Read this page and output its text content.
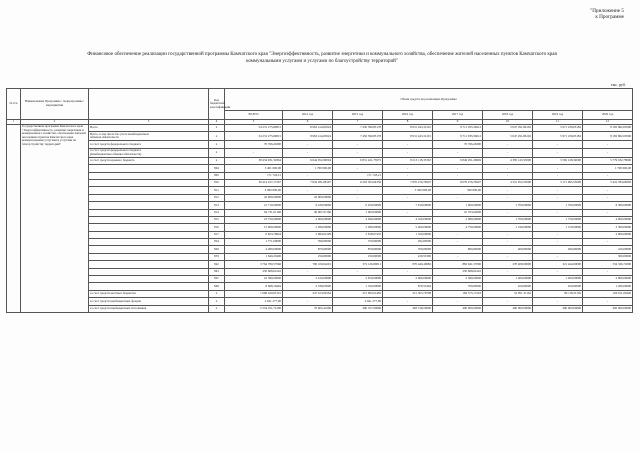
"Приложение 5
к Программе
Финансовое обеспечение реализации государственной программы Камчатского края "Энергоэффективность, развитие энергетики и коммунального хозяйства, обеспечение жителей населенных пунктов Камчатского края
коммунальными услугами и услугами по благоустройству территорий"
тыс. руб.
№ п/п	Наименование Программы / подпрограммы / мероприятия		Код бюджетной классификации	Объем средств на реализацию Программы							
				ВСЕГО	2014 год	2015 год	2016 год	2017 год	2018 год	2019 год	2020 год
1	2	3	4	5	6	7	8	9	10	11	12
	Государственная программа Камчатского края "Энергоэффективность, развитие энергетики и коммунального хозяйства, обеспечение жителей населенных пунктов Камчатского края коммунальными услугами и услугами по благоустройству территорий"	Всего	x	54 231 275,69815	8 963 414,65024	7 450 390,85178	8 931 443,31291	9 711 033,56612	5 047 291,86102	5 971 239,03182	8 182 862,00506

		Всего, в том числе без учета межбюджетных
обменов обязательств	x	54 231 275,69815	8 963 414,65024	7 450 390,85178	8 931 443,31291	9 711 033,56612	5 047 291,86102	5 971 239,03182	8 182 862,00506

		за счет средств федерального бюджета	x	70 766,46300	-	-	-	70 766,46300	-	-	-

		за счет средств федерального бюджета
(межбюджетные обмены обязательств)	x	-	-	-	-	-	-	-	-

		за счет средств краевого бюджета	x	38 434 931,52864	6 644 952,90004	6 851 421,75975	8 213 118,35363	9 846 291,26849	4 385 143,55000	3 582 128,32000	5 779 932,78000

			804	3 401 000,00	1 700 000,00	-	-	-	-	-	1 700 000,00

			805	171 743,21	-	171 743,21	-	-	-	-	-

			810	36 414 227,17267	7 834 281,68197	6 293 303,94336	7 870 276,70607	8 079 276,70607	4 331 952,53000	3 171 965,53000	5 422 784,66083

			811	4 090 000,00	-	-	3 500 000,00	590 000,00	-	-	-

			812	42 000,00000	42 000,00000	-	-	-	-	-	-

			813	21 710,00000	6 430,00000	6 450,00000	7 910,00000	1 000,00000	1 700,00000	1 700,00000	6 300,00000

			814	64 731,01160	40 967,97160	1 000,00000	-	22 763,04000	-	-	-

			815	23 750,00000	4 960,00000	4 940,00000	4 320,00000	2 080,00000	1 700,00000	1 750,00000	4 000,00000

			816	15 909,90000	2 280,00000	2 280,00000	5 400,00000	4 759,90000	1 190,00000	1 150,00000	2 300,00000

			817	6 823,79644	2 084,92109	2 818,67435	1 520,00000	-	-	-	2 000,00000

			824	1 771,00000	599,00000	379,00000	292,00000	-	-	-	-

			829	4 480,00000	870,00000	870,00000	700,00000	800,00000	400,00000	400,00000	410,00000

			833	1 649,29400	250,00000	250,00000	229,53300	-	-	-	300,00000

			842	3 764 780,57966	790 100,64291	372 126,80011	870 440,46982	882 941,57000	278 408,00000	321 444,00000	334 326,72000

			843	250 668,64142	-	-	-	250 668,64142	-	-	-

			847	16 580,00000	2 410,00000	2 670,00000	2 660,00000	2 580,00000	1 400,00000	1 400,00000	2 800,00000

			848	8 668,16494	2 338,63000	1 320,00000	879,53494	700,00000	450,00000	450,00000	1 200,00000

		за счет средств местных бюджетов	x	1 068 420,03101	247 613,89164	215 993,01465	215 503,79798	184 575,13163	52 851,31102	89 118,31102	100 911,00426

		за счет средств внебюджетных фондов	x	2 641 277,00	-	2 641 277,00	-	-	-	-	-

		за счет средств внебюджетных источников	x	2 554 451,71200	70 665,41600	400 327,00600	483 318,20000	400 000,00000	400 000,00000	400 000,00000	400 000,00000
